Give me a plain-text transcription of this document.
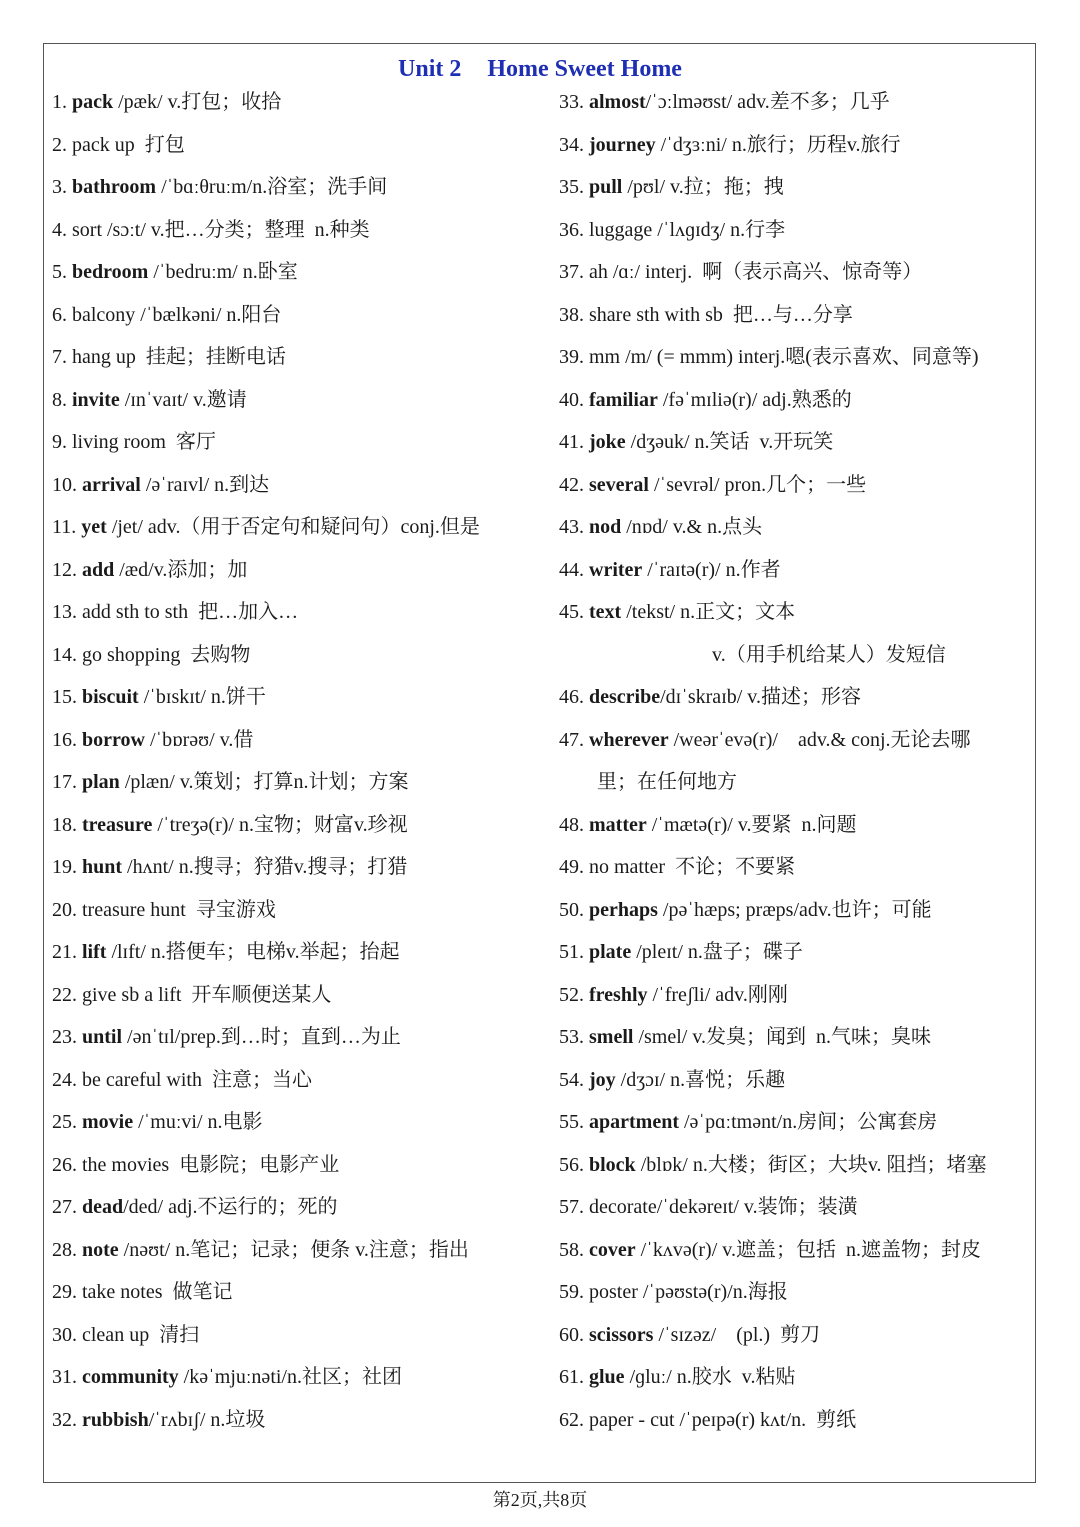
Unit 2 Home Sweet Home
1. pack /pæk/ v.打包；收拾
2. pack up  打包
3. bathroom /ˈbɑːθruːm/n.浴室；洗手间
4. sort /sɔːt/ v.把…分类；整理  n.种类
5. bedroom /ˈbedruːm/ n.卧室
6. balcony /ˈbælkəni/ n.阳台
7. hang up  挂起；挂断电话
8. invite /ɪnˈvaɪt/ v.邀请
9. living room  客厅
10. arrival /əˈraɪvl/ n.到达
11. yet /jet/ adv.（用于否定句和疑问句）conj.但是
12. add /æd/v.添加；加
13. add sth to sth  把…加入…
14. go shopping  去购物
15. biscuit /ˈbɪskɪt/ n.饼干
16. borrow /ˈbɒrəʊ/ v.借
17. plan /plæn/ v.策划；打算n.计划；方案
18. treasure /ˈtreʒə(r)/ n.宝物；财富v.珍视
19. hunt /hʌnt/ n.搜寻；狩猎v.搜寻；打猎
20. treasure hunt  寻宝游戏
21. lift /lɪft/ n.搭便车；电梯v.举起；抬起
22. give sb a lift  开车顺便送某人
23. until /ənˈtɪl/prep.到…时；直到…为止
24. be careful with  注意；当心
25. movie /ˈmuːvi/ n.电影
26. the movies  电影院；电影产业
27. dead/ded/ adj.不运行的；死的
28. note /nəʊt/ n.笔记；记录；便条 v.注意；指出
29. take notes  做笔记
30. clean up  清扫
31. community /kəˈmjuːnəti/n.社区；社团
32. rubbish/ˈrʌbɪʃ/ n.垃圾
33. almost/ˈɔːlməʊst/ adv.差不多；几乎
34. journey /ˈdʒɜːni/ n.旅行；历程v.旅行
35. pull /pʊl/ v.拉；拖；拽
36. luggage /ˈlʌɡɪdʒ/ n.行李
37. ah /ɑː/ interj.  啊（表示高兴、惊奇等）
38. share sth with sb  把…与…分享
39. mm /m/ (= mmm) interj.嗯(表示喜欢、同意等)
40. familiar /fəˈmɪliə(r)/ adj.熟悉的
41. joke /dʒəuk/ n.笑话  v.开玩笑
42. several /ˈsevrəl/ pron.几个；一些
43. nod /nɒd/ v.& n.点头
44. writer /ˈraɪtə(r)/ n.作者
45. text /tekst/ n.正文；文本
v.（用手机给某人）发短信
46. describe/dɪˈskraɪb/ v.描述；形容
47. wherever /weərˈevə(r)/    adv.& conj.无论去哪
里；在任何地方
48. matter /ˈmætə(r)/ v.要紧  n.问题
49. no matter  不论；不要紧
50. perhaps /pəˈhæps; præps/adv.也许；可能
51. plate /pleɪt/ n.盘子；碟子
52. freshly /ˈfreʃli/ adv.刚刚
53. smell /smel/ v.发臭；闻到  n.气味；臭味
54. joy /dʒɔɪ/ n.喜悦；乐趣
55. apartment /əˈpɑːtmənt/n.房间；公寓套房
56. block /blɒk/ n.大楼；街区；大块v. 阻挡；堵塞
57. decorate/ˈdekəreɪt/ v.装饰；装潢
58. cover /ˈkʌvə(r)/ v.遮盖；包括  n.遮盖物；封皮
59. poster /ˈpəʊstə(r)/n.海报
60. scissors /ˈsɪzəz/    (pl.)  剪刀
61. glue /ɡluː/ n.胶水  v.粘贴
62. paper - cut /ˈpeɪpə(r) kʌt/n.  剪纸
第2页,共8页
